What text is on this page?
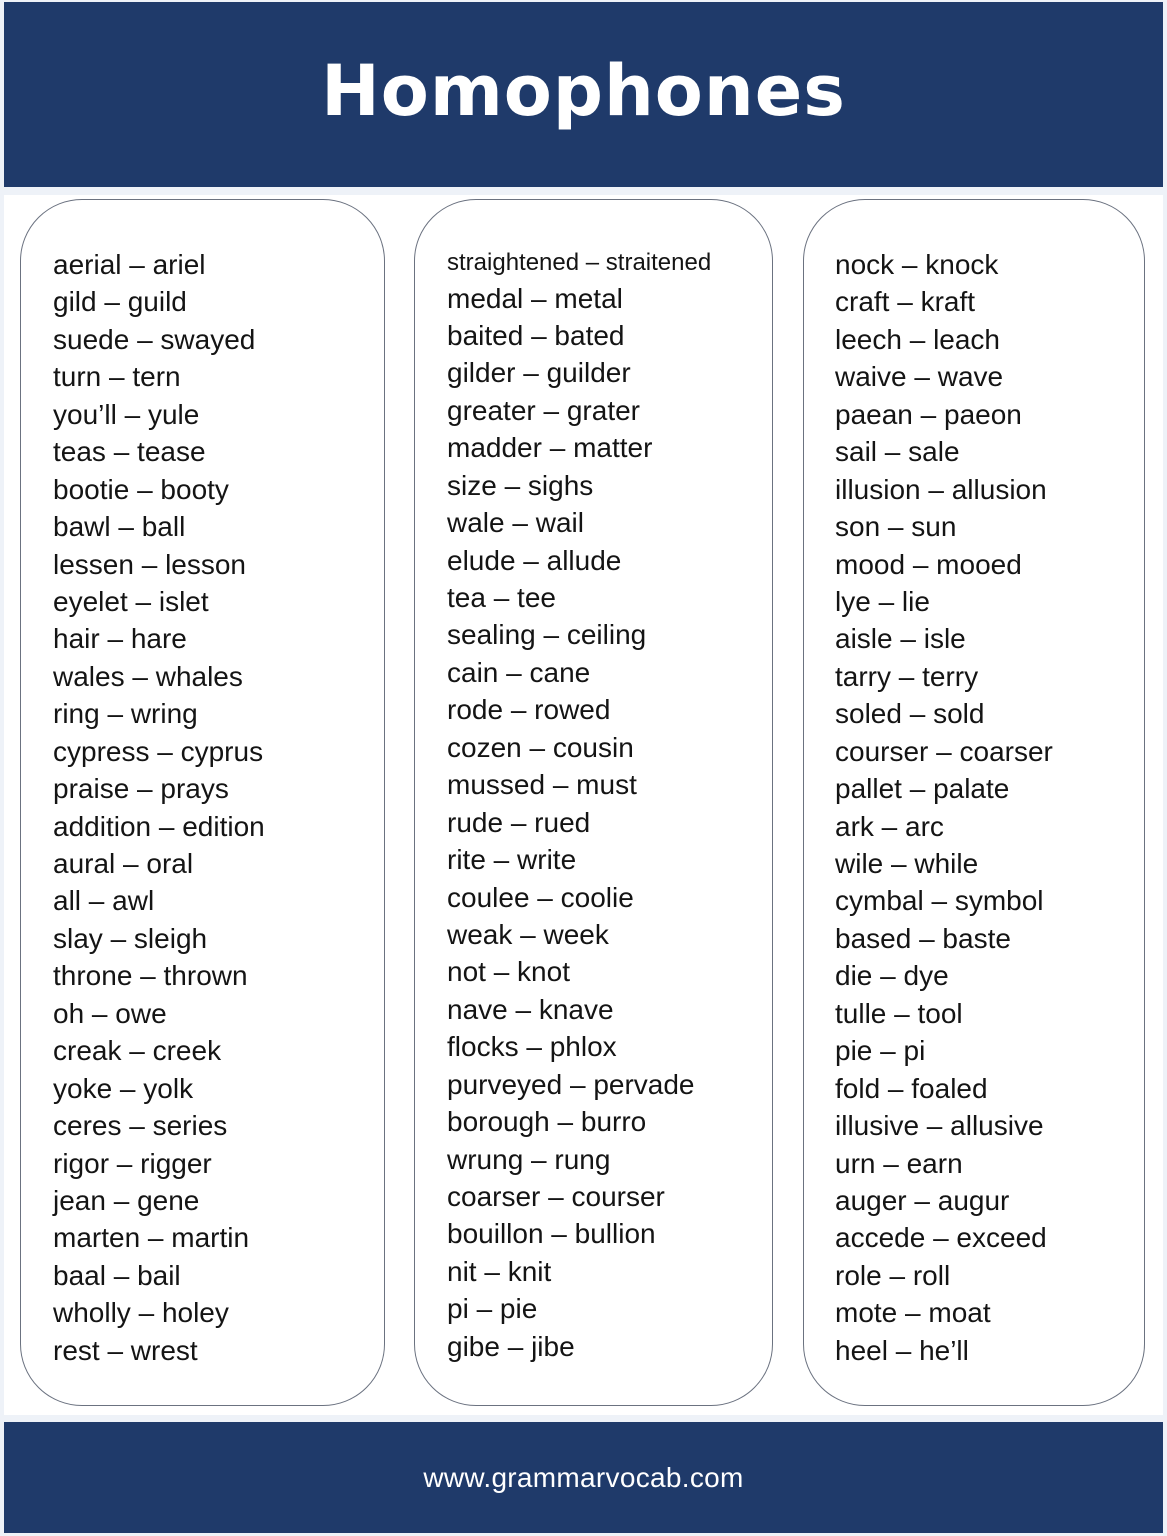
Homophones
aerial – ariel
gild – guild
suede – swayed
turn – tern
you’ll – yule
teas – tease
bootie – booty
bawl – ball
lessen – lesson
eyelet – islet
hair – hare
wales – whales
ring – wring
cypress – cyprus
praise – prays
addition – edition
aural – oral
all – awl
slay – sleigh
throne – thrown
oh – owe
creak – creek
yoke – yolk
ceres – series
rigor – rigger
jean – gene
marten – martin
baal – bail
wholly – holey
rest – wrest
straightened – straitened
medal – metal
baited – bated
gilder – guilder
greater – grater
madder – matter
size – sighs
wale – wail
elude – allude
tea – tee
sealing – ceiling
cain – cane
rode – rowed
cozen – cousin
mussed – must
rude – rued
rite – write
coulee – coolie
weak – week
not – knot
nave – knave
flocks – phlox
purveyed – pervade
borough – burro
wrung – rung
coarser – courser
bouillon – bullion
nit – knit
pi – pie
gibe – jibe
nock – knock
craft – kraft
leech – leach
waive – wave
paean – paeon
sail – sale
illusion – allusion
son – sun
mood – mooed
lye – lie
aisle – isle
tarry – terry
soled – sold
courser – coarser
pallet – palate
ark – arc
wile – while
cymbal – symbol
based – baste
die – dye
tulle – tool
pie – pi
fold – foaled
illusive – allusive
urn – earn
auger – augur
accede – exceed
role – roll
mote – moat
heel – he’ll
www.grammarvocab.com
